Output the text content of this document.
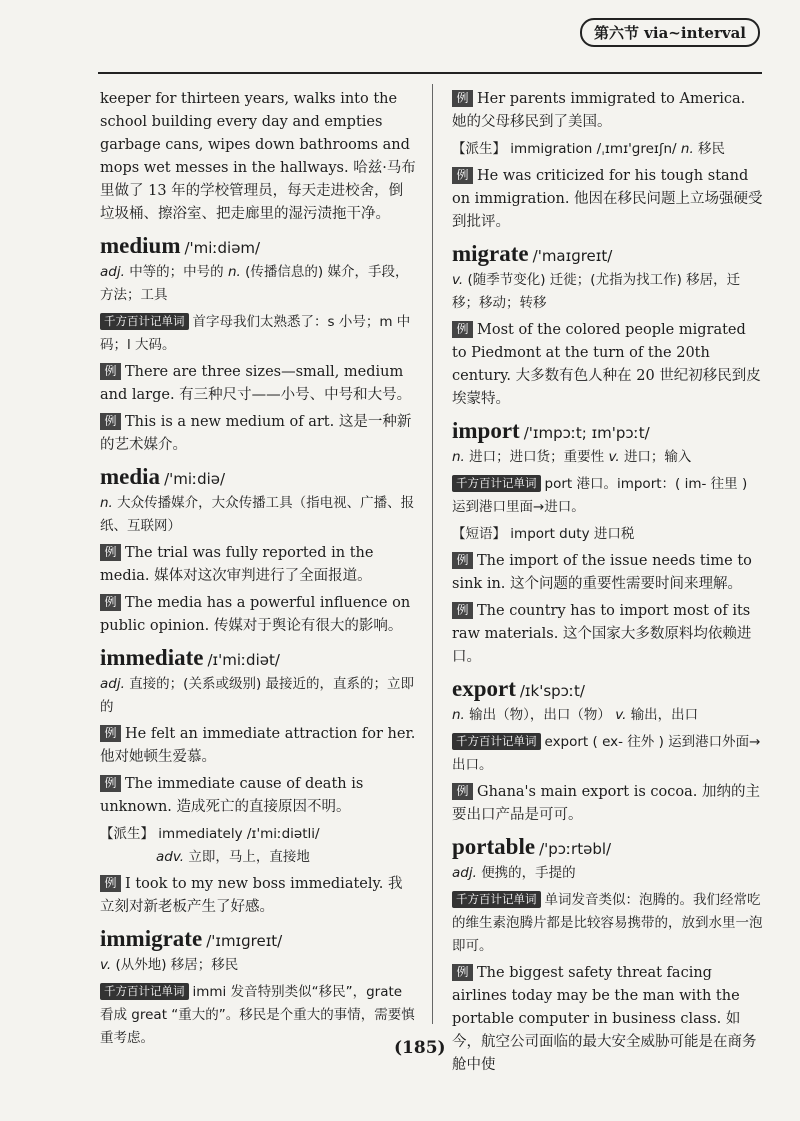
第六节 via~interval
keeper for thirteen years, walks into the school building every day and empties garbage cans, wipes down bathrooms and mops wet messes in the hallways. 哈兹·马布里做了 13 年的学校管理员，每天走进校舍，倒垃圾桶、擦浴室、把走廊里的湿污渍拖干净。
medium /'miːdiəm/
adj. 中等的；中号的 n. (传播信息的) 媒介，手段，方法；工具
千方百计记单词 首字母我们太熟悉了：s 小号；m 中码；l 大码。
例 There are three sizes—small, medium and large. 有三种尺寸——小号、中号和大号。
例 This is a new medium of art. 这是一种新的艺术媒介。
media /'miːdiə/
n. 大众传播媒介，大众传播工具（指电视、广播、报纸、互联网）
例 The trial was fully reported in the media. 媒体对这次审判进行了全面报道。
例 The media has a powerful influence on public opinion. 传媒对于舆论有很大的影响。
immediate /ɪ'miːdiət/
adj. 直接的；(关系或级别) 最接近的，直系的；立即的
例 He felt an immediate attraction for her. 他对她顿生爱慕。
例 The immediate cause of death is unknown. 造成死亡的直接原因不明。
【派生】 immediately /ɪ'miːdiətli/
adv. 立即，马上，直接地
例 I took to my new boss immediately. 我立刻对新老板产生了好感。
immigrate /'ɪmɪɡreɪt/
v. (从外地) 移居；移民
千方百计记单词 immi 发音特别类似“移民”，grate 看成 great “重大的”。移民是个重大的事情，需要慎重考虑。
例 Her parents immigrated to America. 她的父母移民到了美国。
【派生】 immigration /ˌɪmɪ'ɡreɪʃn/ n. 移民
例 He was criticized for his tough stand on immigration. 他因在移民问题上立场强硬受到批评。
migrate /'maɪɡreɪt/
v. (随季节变化) 迁徙；(尤指为找工作) 移居，迁移；移动；转移
例 Most of the colored people migrated to Piedmont at the turn of the 20th century. 大多数有色人种在 20 世纪初移民到皮埃蒙特。
import /'ɪmpɔːt; ɪm'pɔːt/
n. 进口；进口货；重要性 v. 进口；输入
千方百计记单词 port 港口。import：( im- 往里 ) 运到港口里面→进口。
【短语】 import duty 进口税
例 The import of the issue needs time to sink in. 这个问题的重要性需要时间来理解。
例 The country has to import most of its raw materials. 这个国家大多数原料均依赖进口。
export /ɪk'spɔːt/
n. 输出（物），出口（物） v. 输出，出口
千方百计记单词 export ( ex- 往外 ) 运到港口外面→出口。
例 Ghana's main export is cocoa. 加纳的主要出口产品是可可。
portable /'pɔːrtəbl/
adj. 便携的，手提的
千方百计记单词 单词发音类似：泡腾的。我们经常吃的维生素泡腾片都是比较容易携带的，放到水里一泡即可。
例 The biggest safety threat facing airlines today may be the man with the portable computer in business class. 如今，航空公司面临的最大安全威胁可能是在商务舱中使
(185)
